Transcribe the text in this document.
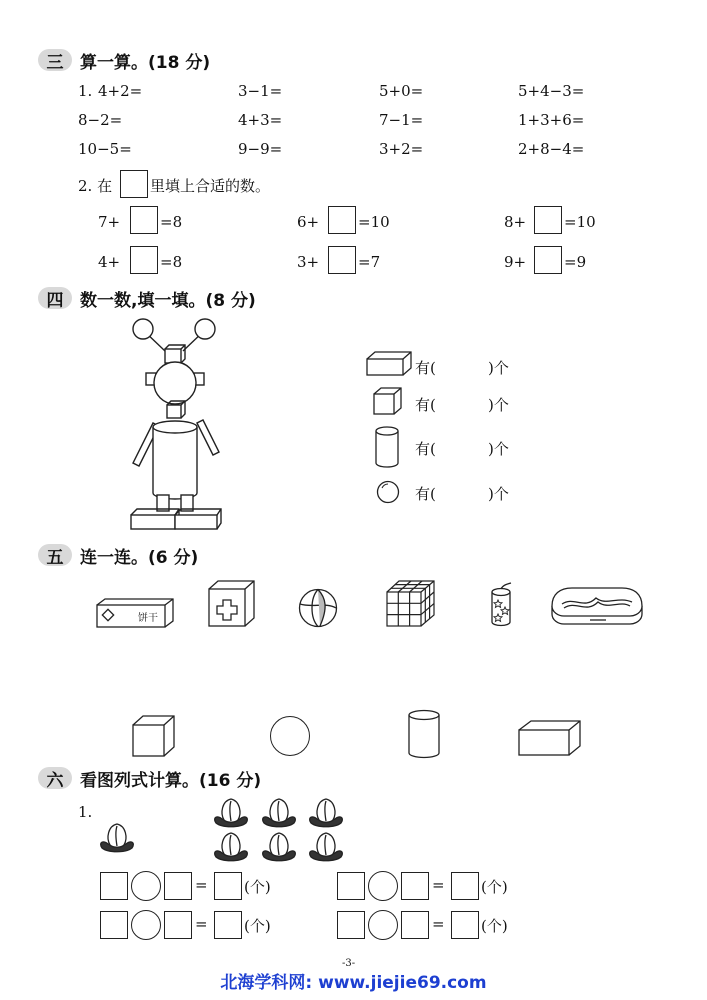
三 算一算。(18 分)
1. 4+2=	3−1=	5+0=	5+4−3=
8−2=	4+3=	7−1=	1+3+6=
10−5=	9−9=	3+2=	2+8−4=
2. 在	里填上合适的数。
7+	=8	6+	=10	8+	=10
4+	=8	3+	=7	9+	=9
四 数一数,填一填。(8 分)
有(	)个
有(	)个
有(	)个
有(	)个
五 连一连。(6 分)
饼干
六 看图列式计算。(16 分)
1.
= (个)
= (个)
= (个)
= (个)
-3-
北海学科网: www.jiejie69.com
